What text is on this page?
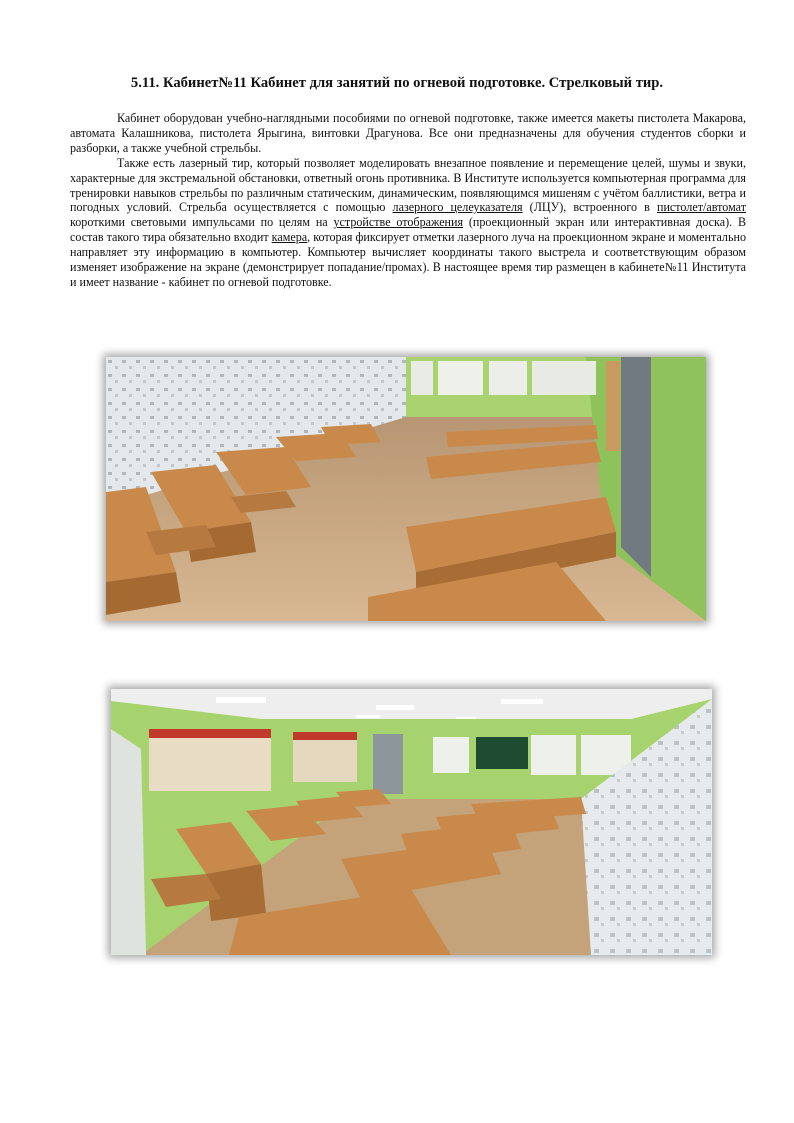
5.11. Кабинет№11 Кабинет для занятий по огневой подготовке. Стрелковый тир.

Кабинет оборудован учебно-наглядными пособиями по огневой подготовке, также имеется макеты пистолета Макарова, автомата Калашникова, пистолета Ярыгина, винтовки Драгунова. Все они предназначены для обучения студентов сборки и разборки, а также учебной стрельбы.

Также есть лазерный тир, который позволяет моделировать внезапное появление и перемещение целей, шумы и звуки, характерные для экстремальной обстановки, ответный огонь противника. В Институте используется компьютерная программа для тренировки навыков стрельбы по различным статическим, динамическим, появляющимся мишеням с учётом баллистики, ветра и погодных условий. Стрельба осуществляется с помощью лазерного целеуказателя (ЛЦУ), встроенного в пистолет/автомат короткими световыми импульсами по целям на устройстве отображения (проекционный экран или интерактивная доска). В состав такого тира обязательно входит камера, которая фиксирует отметки лазерного луча на проекционном экране и моментально направляет эту информацию в компьютер. Компьютер вычисляет координаты такого выстрела и соответствующим образом изменяет изображение на экране (демонстрирует попадание/промах). В настоящее время тир размещен в кабинете№11 Института и имеет название - кабинет по огневой подготовке.
